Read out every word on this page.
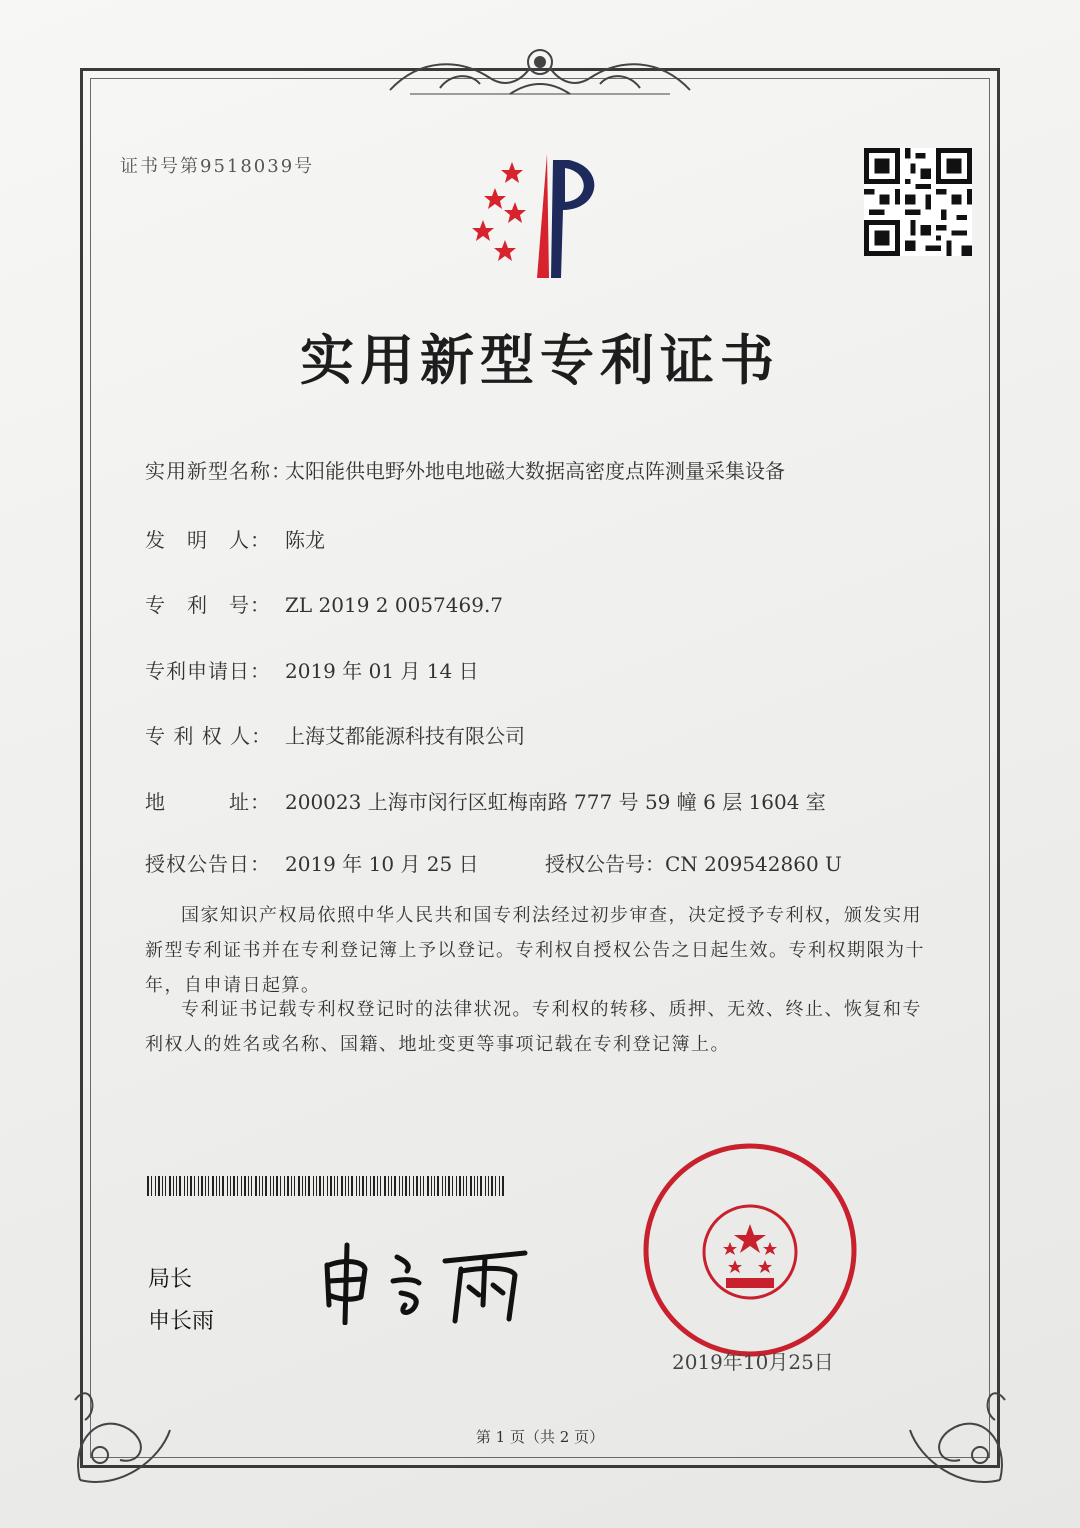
证书号第9518039号
实用新型专利证书
实用新型名称：太阳能供电野外地电地磁大数据高密度点阵测量采集设备
发　明　人： 陈龙
专　利　号： ZL 2019 2 0057469.7
专利申请日： 2019 年 01 月 14 日
专 利 权 人： 上海艾都能源科技有限公司
地　　　址： 200023 上海市闵行区虹梅南路 777 号 59 幢 6 层 1604 室
授权公告日： 2019 年 10 月 25 日	授权公告号：CN 209542860 U
国家知识产权局依照中华人民共和国专利法经过初步审查，决定授予专利权，颁发实用新型专利证书并在专利登记簿上予以登记。专利权自授权公告之日起生效。专利权期限为十年，自申请日起算。
专利证书记载专利权登记时的法律状况。专利权的转移、质押、无效、终止、恢复和专利权人的姓名或名称、国籍、地址变更等事项记载在专利登记簿上。
局长
申长雨
2019年10月25日
第 1 页（共 2 页）
